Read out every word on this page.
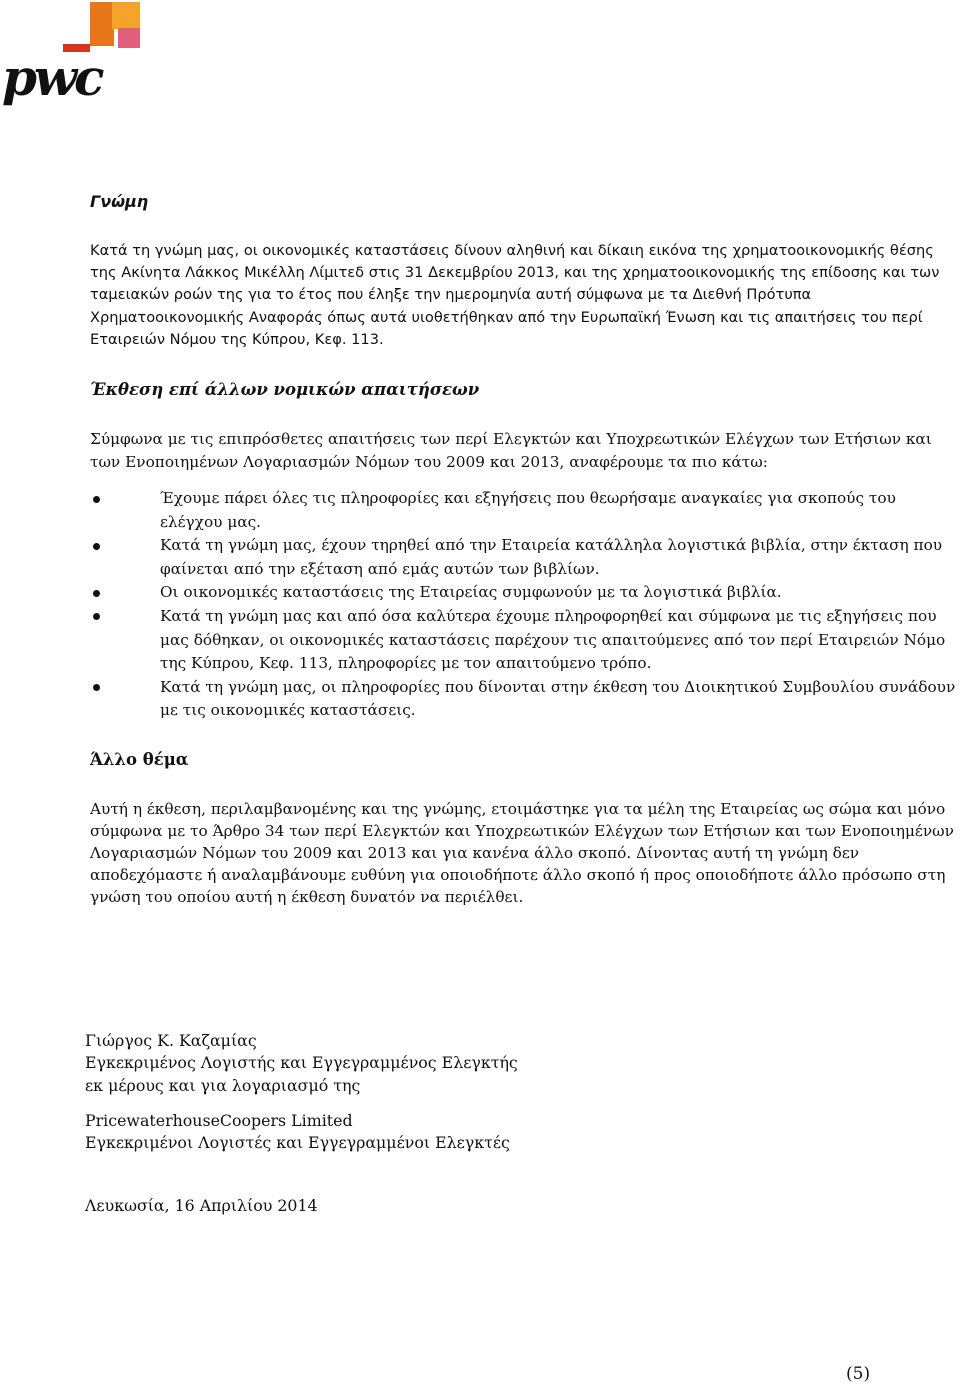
pwc
Γνώμη

Κατά τη γνώμη μας, οι οικονομικές καταστάσεις δίνουν αληθινή και δίκαιη εικόνα της χρηματοοικονομικής θέσης της Ακίνητα Λάκκος Μικέλλη Λίμιτεδ στις 31 Δεκεμβρίου 2013, και της χρηματοοικονομικής της επίδοσης και των ταμειακών ροών της για το έτος που έληξε την ημερομηνία αυτή σύμφωνα με τα Διεθνή Πρότυπα Χρηματοοικονομικής Αναφοράς όπως αυτά υιοθετήθηκαν από την Ευρωπαϊκή Ένωση και τις απαιτήσεις του περί Εταιρειών Νόμου της Κύπρου, Κεφ. 113.

Έκθεση επί άλλων νομικών απαιτήσεων

Σύμφωνα με τις επιπρόσθετες απαιτήσεις των περί Ελεγκτών και Υποχρεωτικών Ελέγχων των Ετήσιων και των Ενοποιημένων Λογαριασμών Νόμων του 2009 και 2013, αναφέρουμε τα πιο κάτω:

Έχουμε πάρει όλες τις πληροφορίες και εξηγήσεις που θεωρήσαμε αναγκαίες για σκοπούς του ελέγχου μας.
Κατά τη γνώμη μας, έχουν τηρηθεί από την Εταιρεία κατάλληλα λογιστικά βιβλία, στην έκταση που φαίνεται από την εξέταση από εμάς αυτών των βιβλίων.
Οι οικονομικές καταστάσεις της Εταιρείας συμφωνούν με τα λογιστικά βιβλία.
Κατά τη γνώμη μας και από όσα καλύτερα έχουμε πληροφορηθεί και σύμφωνα με τις εξηγήσεις που μας δόθηκαν, οι οικονομικές καταστάσεις παρέχουν τις απαιτούμενες από τον περί Εταιρειών Νόμο της Κύπρου, Κεφ. 113, πληροφορίες με τον απαιτούμενο τρόπο.
Κατά τη γνώμη μας, οι πληροφορίες που δίνονται στην έκθεση του Διοικητικού Συμβουλίου συνάδουν με τις οικονομικές καταστάσεις.
Άλλο θέμα

Αυτή η έκθεση, περιλαμβανομένης και της γνώμης, ετοιμάστηκε για τα μέλη της Εταιρείας ως σώμα και μόνο σύμφωνα με το Άρθρο 34 των περί Ελεγκτών και Υποχρεωτικών Ελέγχων των Ετήσιων και των Ενοποιημένων Λογαριασμών Νόμων του 2009 και 2013 και για κανένα άλλο σκοπό. Δίνοντας αυτή τη γνώμη δεν αποδεχόμαστε ή αναλαμβάνουμε ευθύνη για οποιοδήποτε άλλο σκοπό ή προς οποιοδήποτε άλλο πρόσωπο στη γνώση του οποίου αυτή η έκθεση δυνατόν να περιέλθει.

Γιώργος Κ. Καζαμίας
Εγκεκριμένος Λογιστής και Εγγεγραμμένος Ελεγκτής
εκ μέρους και για λογαριασμό της
PricewaterhouseCoopers Limited
Εγκεκριμένοι Λογιστές και Εγγεγραμμένοι Ελεγκτές
Λευκωσία, 16 Απριλίου 2014
(5)
